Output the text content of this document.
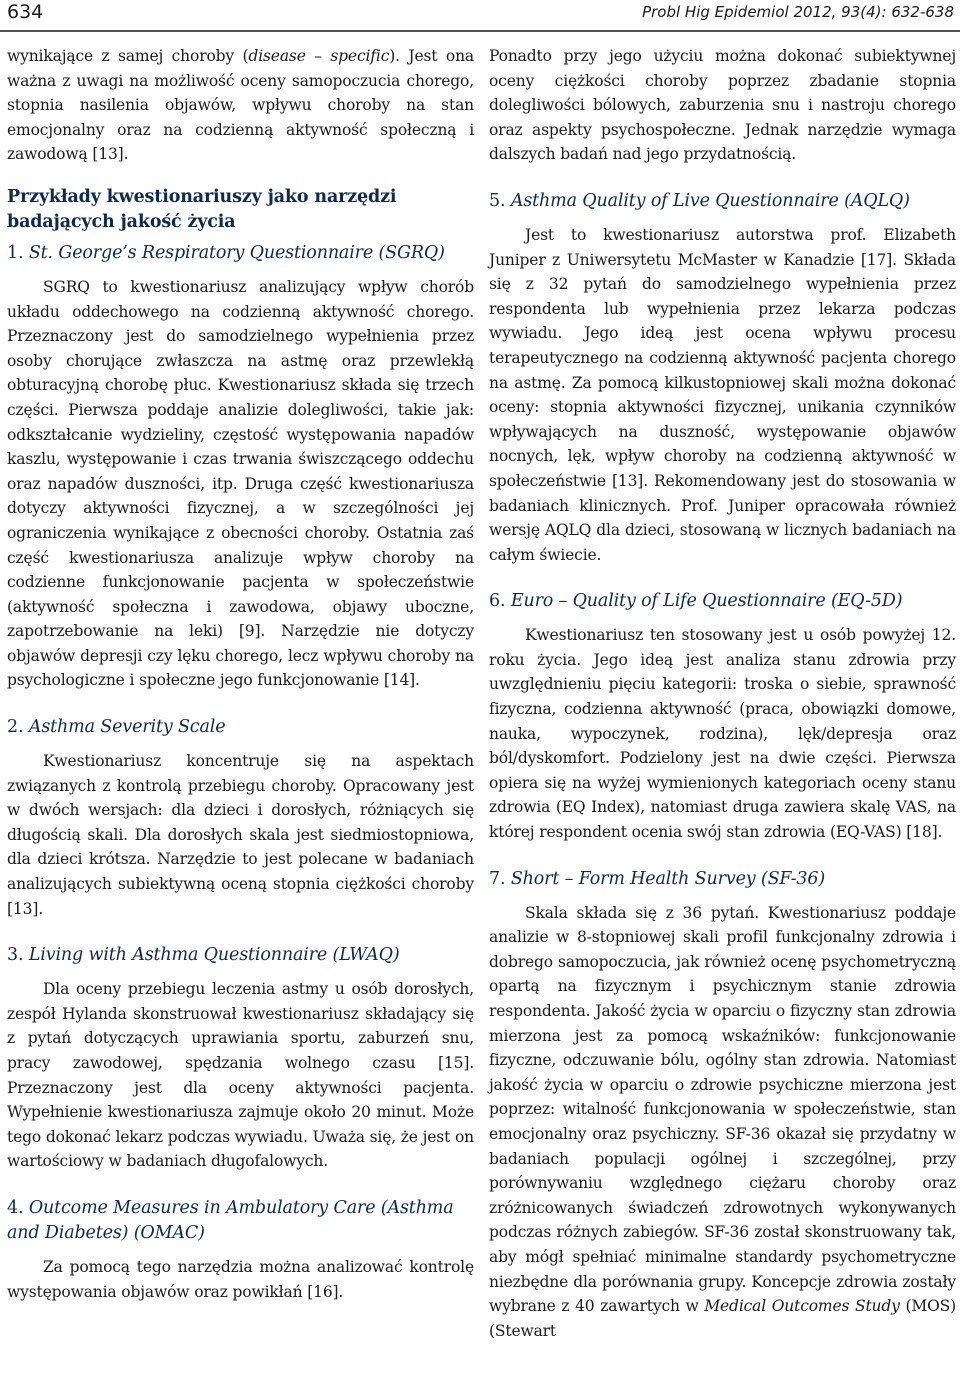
634	Probl Hig Epidemiol 2012, 93(4): 632-638

wynikające z samej choroby (disease – specific). Jest ona ważna z uwagi na możliwość oceny samopoczucia chorego, stopnia nasilenia objawów, wpływu choroby na stan emocjonalny oraz na codzienną aktywność społeczną i zawodową [13].

Przykłady kwestionariuszy jako narzędzi badających jakość życia
1. St. George’s Respiratory Questionnaire (SGRQ)

SGRQ to kwestionariusz analizujący wpływ chorób układu oddechowego na codzienną aktywność chorego. Przeznaczony jest do samodzielnego wypełnienia przez osoby chorujące zwłaszcza na astmę oraz przewlekłą obturacyjną chorobę płuc. Kwestionariusz składa się trzech części. Pierwsza poddaje analizie dolegliwości, takie jak: odkształcanie wydzieliny, częstość występowania napadów kaszlu, występowanie i czas trwania świszczącego oddechu oraz napadów duszności, itp. Druga część kwestionariusza dotyczy aktywności fizycznej, a w szczególności jej ograniczenia wynikające z obecności choroby. Ostatnia zaś część kwestionariusza analizuje wpływ choroby na codzienne funkcjonowanie pacjenta w społeczeństwie (aktywność społeczna i zawodowa, objawy uboczne, zapotrzebowanie na leki) [9]. Narzędzie nie dotyczy objawów depresji czy lęku chorego, lecz wpływu choroby na psychologiczne i społeczne jego funkcjonowanie [14].

2. Asthma Severity Scale

Kwestionariusz koncentruje się na aspektach związanych z kontrolą przebiegu choroby. Opracowany jest w dwóch wersjach: dla dzieci i dorosłych, różniących się długością skali. Dla dorosłych skala jest siedmiostopniowa, dla dzieci krótsza. Narzędzie to jest polecane w badaniach analizujących subiektywną oceną stopnia ciężkości choroby [13].

3. Living with Asthma Questionnaire (LWAQ)

Dla oceny przebiegu leczenia astmy u osób dorosłych, zespół Hylanda skonstruował kwestionariusz składający się z pytań dotyczących uprawiania sportu, zaburzeń snu, pracy zawodowej, spędzania wolnego czasu [15]. Przeznaczony jest dla oceny aktywności pacjenta. Wypełnienie kwestionariusza zajmuje około 20 minut. Może tego dokonać lekarz podczas wywiadu. Uważa się, że jest on wartościowy w badaniach długofalowych.

4. Outcome Measures in Ambulatory Care (Asthma and Diabetes) (OMAC)

Za pomocą tego narzędzia można analizować kontrolę występowania objawów oraz powikłań [16].

Ponadto przy jego użyciu można dokonać subiektywnej oceny ciężkości choroby poprzez zbadanie stopnia dolegliwości bólowych, zaburzenia snu i nastroju chorego oraz aspekty psychospołeczne. Jednak narzędzie wymaga dalszych badań nad jego przydatnością.

5. Asthma Quality of Live Questionnaire (AQLQ)

Jest to kwestionariusz autorstwa prof. Elizabeth Juniper z Uniwersytetu McMaster w Kanadzie [17]. Składa się z 32 pytań do samodzielnego wypełnienia przez respondenta lub wypełnienia przez lekarza podczas wywiadu. Jego ideą jest ocena wpływu procesu terapeutycznego na codzienną aktywność pacjenta chorego na astmę. Za pomocą kilkustopniowej skali można dokonać oceny: stopnia aktywności fizycznej, unikania czynników wpływających na duszność, występowanie objawów nocnych, lęk, wpływ choroby na codzienną aktywność w społeczeństwie [13]. Rekomendowany jest do stosowania w badaniach klinicznych. Prof. Juniper opracowała również wersję AQLQ dla dzieci, stosowaną w licznych badaniach na całym świecie.

6. Euro – Quality of Life Questionnaire (EQ-5D)

Kwestionariusz ten stosowany jest u osób powyżej 12. roku życia. Jego ideą jest analiza stanu zdrowia przy uwzględnieniu pięciu kategorii: troska o siebie, sprawność fizyczna, codzienna aktywność (praca, obowiązki domowe, nauka, wypoczynek, rodzina), lęk/depresja oraz ból/dyskomfort. Podzielony jest na dwie części. Pierwsza opiera się na wyżej wymienionych kategoriach oceny stanu zdrowia (EQ Index), natomiast druga zawiera skalę VAS, na której respondent ocenia swój stan zdrowia (EQ-VAS) [18].

7. Short – Form Health Survey (SF-36)

Skala składa się z 36 pytań. Kwestionariusz poddaje analizie w 8-stopniowej skali profil funkcjonalny zdrowia i dobrego samopoczucia, jak również ocenę psychometryczną opartą na fizycznym i psychicznym stanie zdrowia respondenta. Jakość życia w oparciu o fizyczny stan zdrowia mierzona jest za pomocą wskaźników: funkcjonowanie fizyczne, odczuwanie bólu, ogólny stan zdrowia. Natomiast jakość życia w oparciu o zdrowie psychiczne mierzona jest poprzez: witalność funkcjonowania w społeczeństwie, stan emocjonalny oraz psychiczny. SF-36 okazał się przydatny w badaniach populacji ogólnej i szczególnej, przy porównywaniu względnego ciężaru choroby oraz zróżnicowanych świadczeń zdrowotnych wykonywanych podczas różnych zabiegów. SF-36 został skonstruowany tak, aby mógł spełniać minimalne standardy psychometryczne niezbędne dla porównania grupy. Koncepcje zdrowia zostały wybrane z 40 zawartych w Medical Outcomes Study (MOS) (Stewart
